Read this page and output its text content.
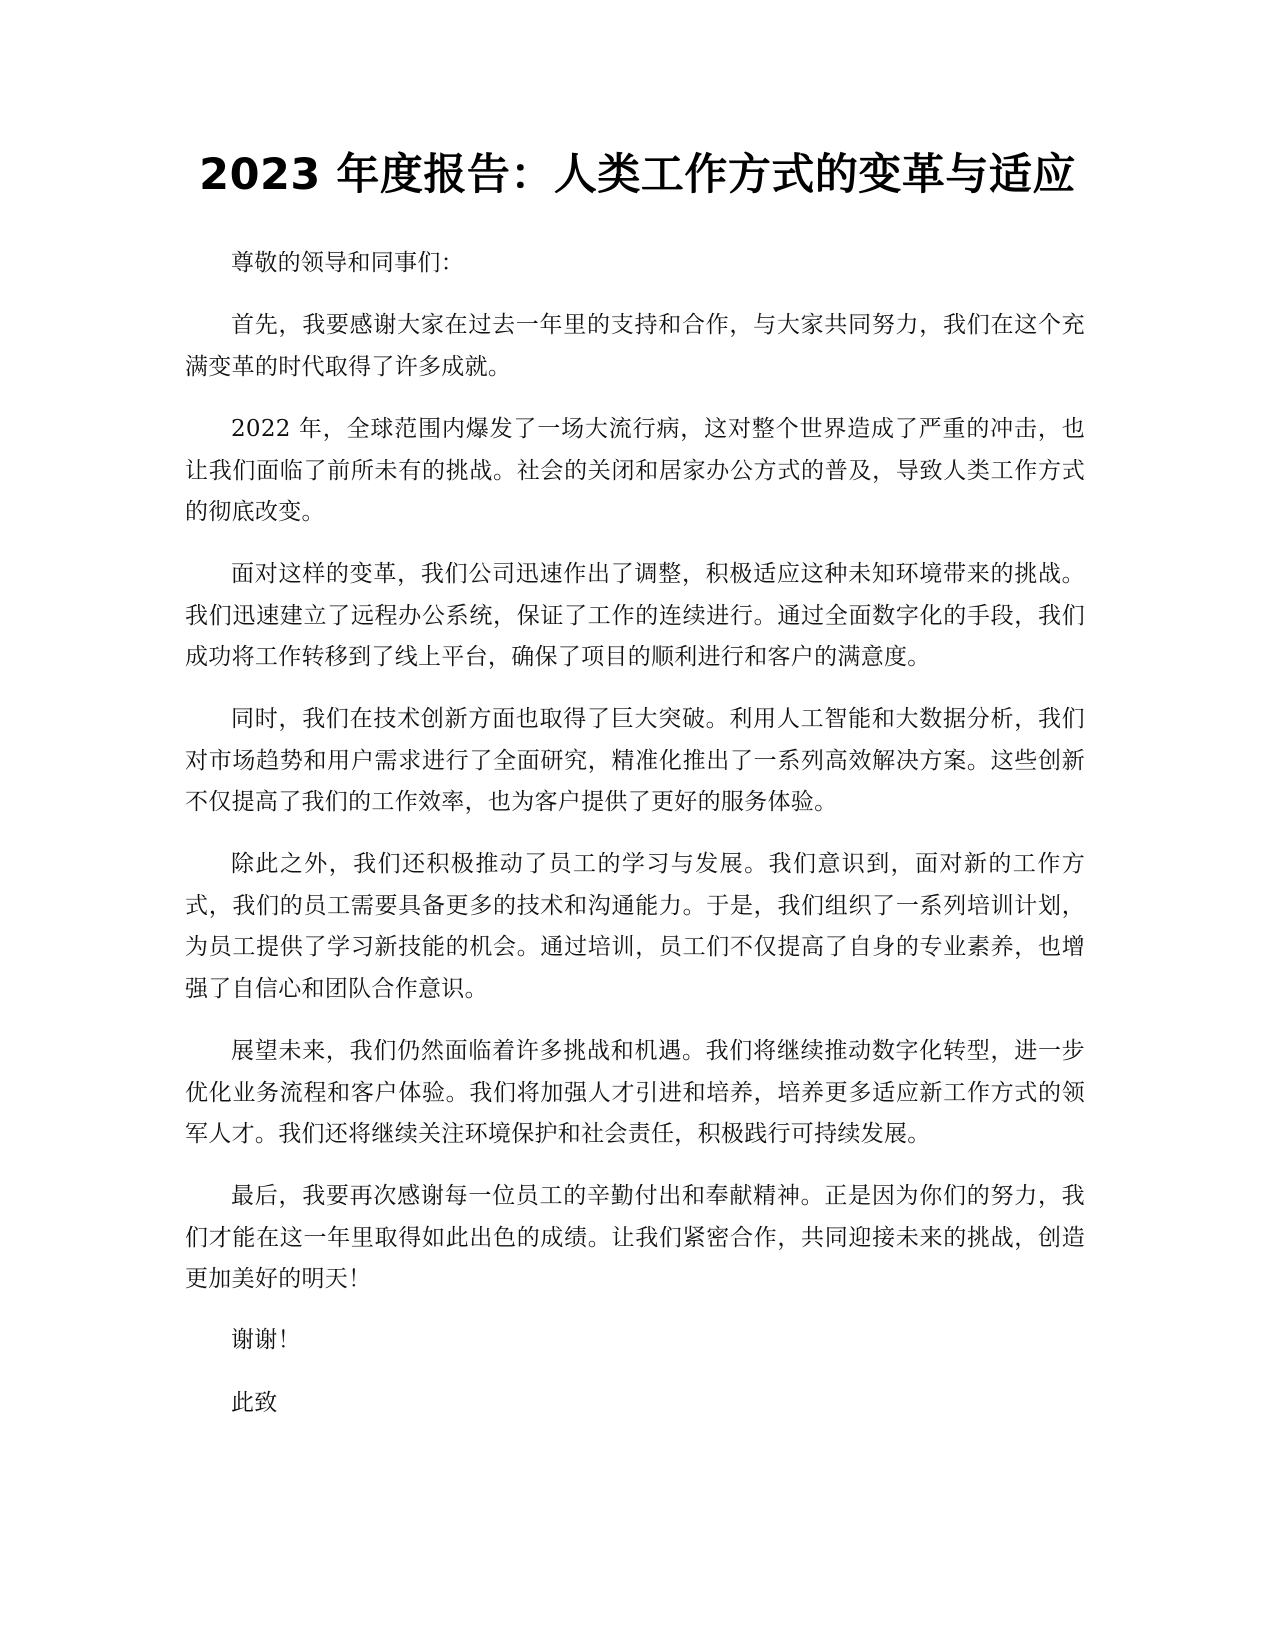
2023 年度报告：人类工作方式的变革与适应

尊敬的领导和同事们：

首先，我要感谢大家在过去一年里的支持和合作，与大家共同努力，我们在这个充满变革的时代取得了许多成就。

2022 年，全球范围内爆发了一场大流行病，这对整个世界造成了严重的冲击，也让我们面临了前所未有的挑战。社会的关闭和居家办公方式的普及，导致人类工作方式的彻底改变。

面对这样的变革，我们公司迅速作出了调整，积极适应这种未知环境带来的挑战。我们迅速建立了远程办公系统，保证了工作的连续进行。通过全面数字化的手段，我们成功将工作转移到了线上平台，确保了项目的顺利进行和客户的满意度。

同时，我们在技术创新方面也取得了巨大突破。利用人工智能和大数据分析，我们对市场趋势和用户需求进行了全面研究，精准化推出了一系列高效解决方案。这些创新不仅提高了我们的工作效率，也为客户提供了更好的服务体验。

除此之外，我们还积极推动了员工的学习与发展。我们意识到，面对新的工作方式，我们的员工需要具备更多的技术和沟通能力。于是，我们组织了一系列培训计划，为员工提供了学习新技能的机会。通过培训，员工们不仅提高了自身的专业素养，也增强了自信心和团队合作意识。

展望未来，我们仍然面临着许多挑战和机遇。我们将继续推动数字化转型，进一步优化业务流程和客户体验。我们将加强人才引进和培养，培养更多适应新工作方式的领军人才。我们还将继续关注环境保护和社会责任，积极践行可持续发展。

最后，我要再次感谢每一位员工的辛勤付出和奉献精神。正是因为你们的努力，我们才能在这一年里取得如此出色的成绩。让我们紧密合作，共同迎接未来的挑战，创造更加美好的明天！

谢谢！

此致
